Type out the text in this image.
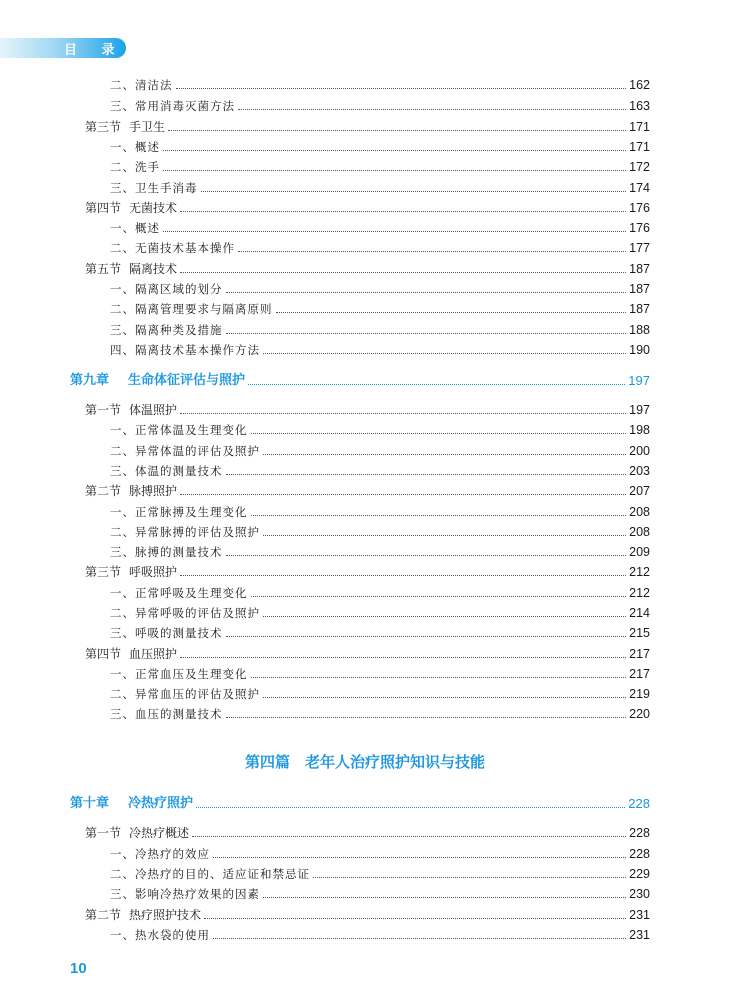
目 录
二、清洁法	162
三、常用消毒灭菌方法	163
第三节 手卫生	171
一、概述	171
二、洗手	172
三、卫生手消毒	174
第四节 无菌技术	176
一、概述	176
二、无菌技术基本操作	177
第五节 隔离技术	187
一、隔离区域的划分	187
二、隔离管理要求与隔离原则	187
三、隔离种类及措施	188
四、隔离技术基本操作方法	190
第九章 生命体征评估与照护	197
第一节 体温照护	197
一、正常体温及生理变化	198
二、异常体温的评估及照护	200
三、体温的测量技术	203
第二节 脉搏照护	207
一、正常脉搏及生理变化	208
二、异常脉搏的评估及照护	208
三、脉搏的测量技术	209
第三节 呼吸照护	212
一、正常呼吸及生理变化	212
二、异常呼吸的评估及照护	214
三、呼吸的测量技术	215
第四节 血压照护	217
一、正常血压及生理变化	217
二、异常血压的评估及照护	219
三、血压的测量技术	220
第十章 冷热疗照护	228
第一节 冷热疗概述	228
一、冷热疗的效应	228
二、冷热疗的目的、适应证和禁忌证	229
三、影响冷热疗效果的因素	230
第二节 热疗照护技术	231
一、热水袋的使用	231
第四篇　老年人治疗照护知识与技能
10
